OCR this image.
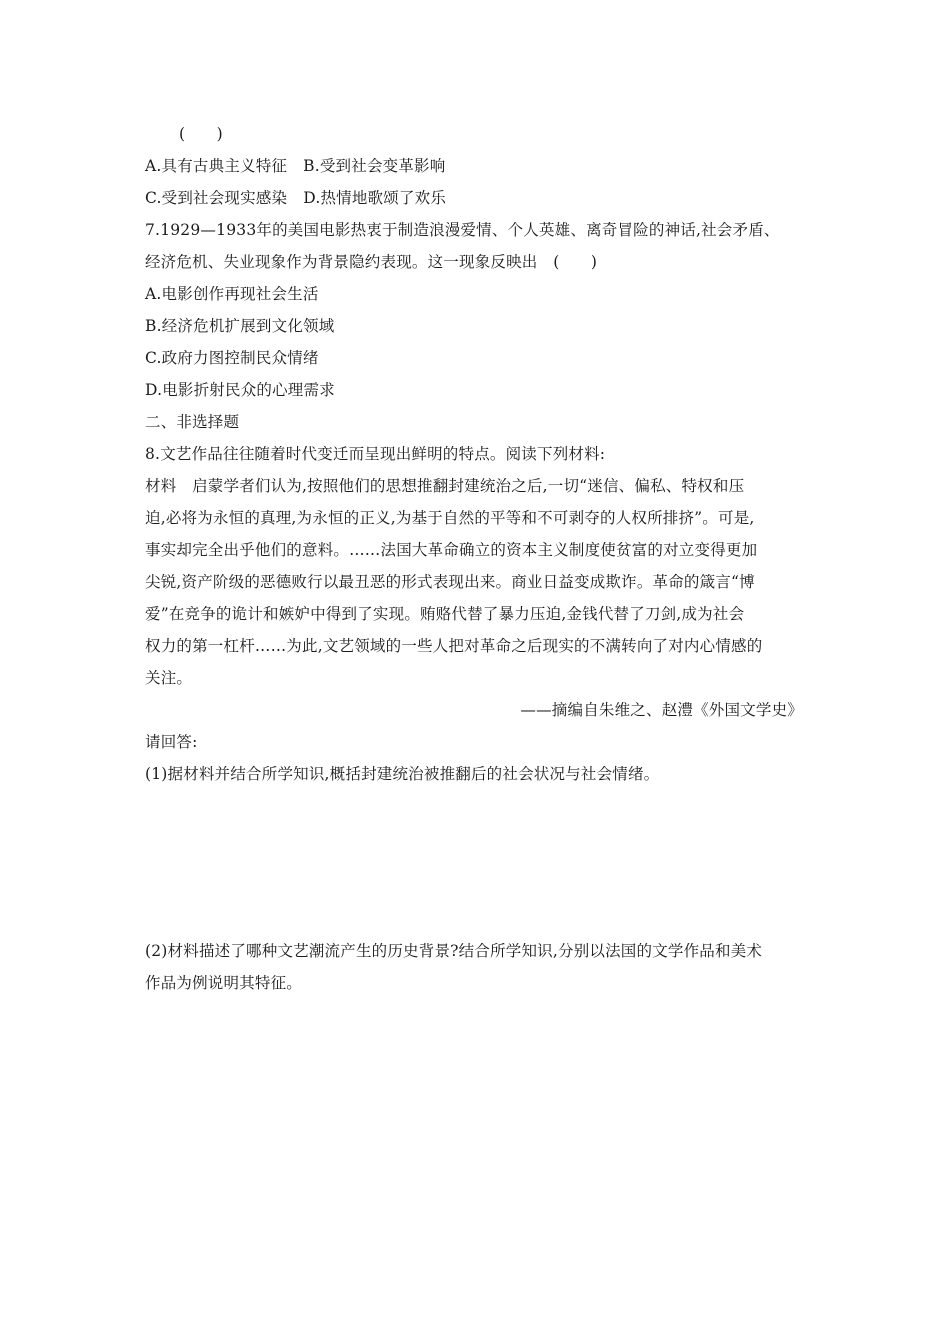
(　　)
A.具有古典主义特征 B.受到社会变革影响
C.受到社会现实感染 D.热情地歌颂了欢乐
7.1929—1933年的美国电影热衷于制造浪漫爱情、个人英雄、离奇冒险的神话,社会矛盾、
经济危机、失业现象作为背景隐约表现。这一现象反映出　(　　)
A.电影创作再现社会生活
B.经济危机扩展到文化领域
C.政府力图控制民众情绪
D.电影折射民众的心理需求
二、非选择题
8.文艺作品往往随着时代变迁而呈现出鲜明的特点。阅读下列材料:
材料　启蒙学者们认为,按照他们的思想推翻封建统治之后,一切“迷信、偏私、特权和压
迫,必将为永恒的真理,为永恒的正义,为基于自然的平等和不可剥夺的人权所排挤”。可是,
事实却完全出乎他们的意料。……法国大革命确立的资本主义制度使贫富的对立变得更加
尖锐,资产阶级的恶德败行以最丑恶的形式表现出来。商业日益变成欺诈。革命的箴言“博
爱”在竞争的诡计和嫉妒中得到了实现。贿赂代替了暴力压迫,金钱代替了刀剑,成为社会
权力的第一杠杆……为此,文艺领域的一些人把对革命之后现实的不满转向了对内心情感的
关注。
——摘编自朱维之、赵澧《外国文学史》
请回答:
(1)据材料并结合所学知识,概括封建统治被推翻后的社会状况与社会情绪。
(2)材料描述了哪种文艺潮流产生的历史背景?结合所学知识,分别以法国的文学作品和美术
作品为例说明其特征。
